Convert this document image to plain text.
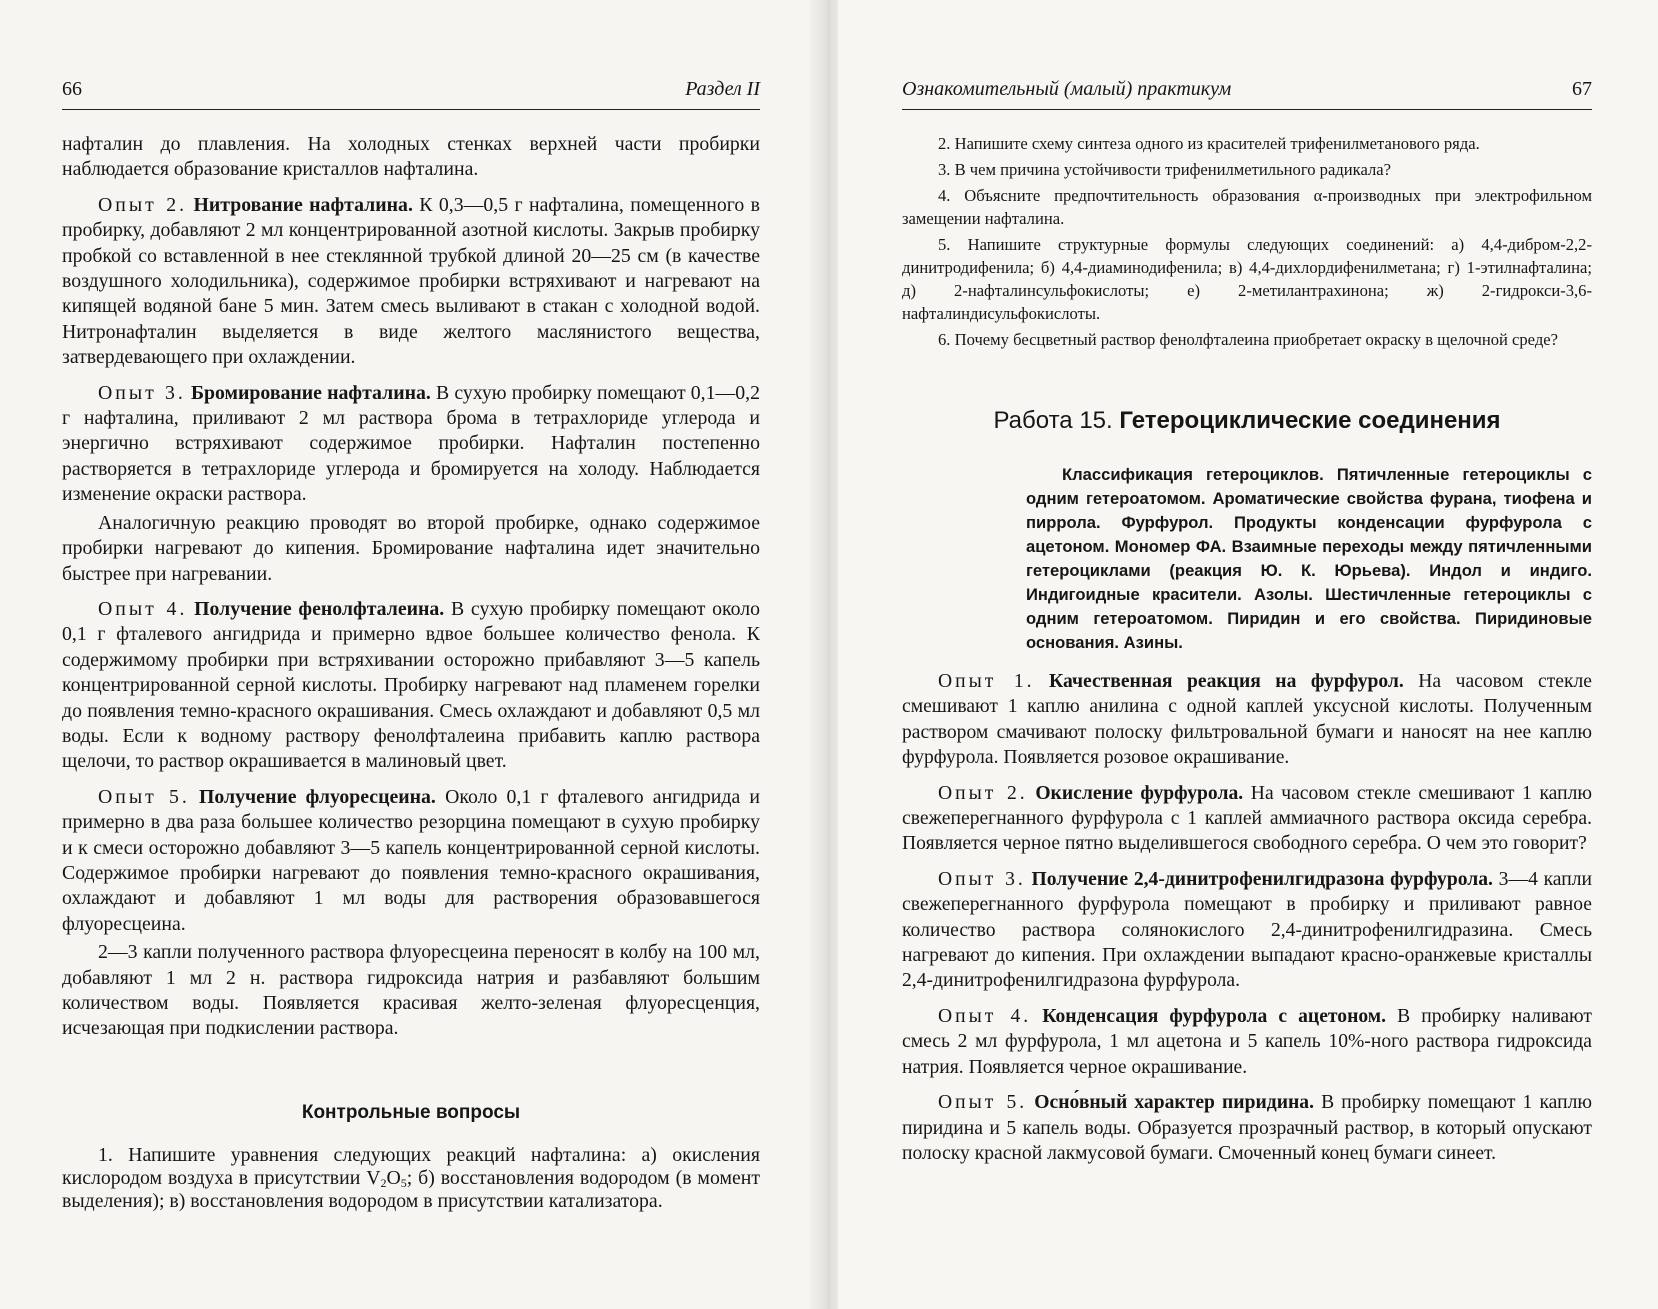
66	Раздел II

нафталин до плавления. На холодных стенках верхней части пробирки наблюдается образование кристаллов нафталина.

Опыт 2. Нитрование нафталина. К 0,3—0,5 г нафталина, помещенного в пробирку, добавляют 2 мл концентрированной азотной кислоты. Закрыв пробирку пробкой со вставленной в нее стеклянной трубкой длиной 20—25 см (в качестве воздушного холодильника), содержимое пробирки встряхивают и нагревают на кипящей водяной бане 5 мин. Затем смесь выливают в стакан с холодной водой. Нитронафталин выделяется в виде желтого маслянистого вещества, затвердевающего при охлаждении.

Опыт 3. Бромирование нафталина. В сухую пробирку помещают 0,1—0,2 г нафталина, приливают 2 мл раствора брома в тетрахлориде углерода и энергично встряхивают содержимое пробирки. Нафталин постепенно растворяется в тетрахлориде углерода и бромируется на холоду. Наблюдается изменение окраски раствора.

Аналогичную реакцию проводят во второй пробирке, однако содержимое пробирки нагревают до кипения. Бромирование нафталина идет значительно быстрее при нагревании.

Опыт 4. Получение фенолфталеина. В сухую пробирку помещают около 0,1 г фталевого ангидрида и примерно вдвое большее количество фенола. К содержимому пробирки при встряхивании осторожно прибавляют 3—5 капель концентрированной серной кислоты. Пробирку нагревают над пламенем горелки до появления темно-красного окрашивания. Смесь охлаждают и добавляют 0,5 мл воды. Если к водному раствору фенолфталеина прибавить каплю раствора щелочи, то раствор окрашивается в малиновый цвет.

Опыт 5. Получение флуоресцеина. Около 0,1 г фталевого ангидрида и примерно в два раза большее количество резорцина помещают в сухую пробирку и к смеси осторожно добавляют 3—5 капель концентрированной серной кислоты. Содержимое пробирки нагревают до появления темно-красного окрашивания, охлаждают и добавляют 1 мл воды для растворения образовавшегося флуоресцеина.

2—3 капли полученного раствора флуоресцеина переносят в колбу на 100 мл, добавляют 1 мл 2 н. раствора гидроксида натрия и разбавляют большим количеством воды. Появляется красивая желто-зеленая флуоресценция, исчезающая при подкислении раствора.

Контрольные вопросы

1. Напишите уравнения следующих реакций нафталина: а) окисления кислородом воздуха в присутствии $V_2O_5$; б) восстановления водородом (в момент выделения); в) восстановления водородом в присутствии катализатора.

Ознакомительный (малый) практикум	67

2. Напишите схему синтеза одного из красителей трифенилметанового ряда.

3. В чем причина устойчивости трифенилметильного радикала?

4. Объясните предпочтительность образования α-производных при электрофильном замещении нафталина.

5. Напишите структурные формулы следующих соединений: а) 4,4-дибром-2,2-динитродифенила; б) 4,4-диаминодифенила; в) 4,4-дихлордифенилметана; г) 1-этилнафталина; д) 2-нафталинсульфокислоты; е) 2-метилантрахинона; ж) 2-гидрокси-3,6-нафталиндисульфокислоты.

6. Почему бесцветный раствор фенолфталеина приобретает окраску в щелочной среде?

Работа 15. Гетероциклические соединения
Классификация гетероциклов. Пятичленные гетероциклы с одним гетероатомом. Ароматические свойства фурана, тиофена и пиррола. Фурфурол. Продукты конденсации фурфурола с ацетоном. Мономер ФА. Взаимные переходы между пятичленными гетероциклами (реакция Ю. К. Юрьева). Индол и индиго. Индигоидные красители. Азолы. Шестичленные гетероциклы с одним гетероатомом. Пиридин и его свойства. Пиридиновые основания. Азины.

Опыт 1. Качественная реакция на фурфурол. На часовом стекле смешивают 1 каплю анилина с одной каплей уксусной кислоты. Полученным раствором смачивают полоску фильтровальной бумаги и наносят на нее каплю фурфурола. Появляется розовое окрашивание.

Опыт 2. Окисление фурфурола. На часовом стекле смешивают 1 каплю свежеперегнанного фурфурола с 1 каплей аммиачного раствора оксида серебра. Появляется черное пятно выделившегося свободного серебра. О чем это говорит?

Опыт 3. Получение 2,4-динитрофенилгидразона фурфурола. 3—4 капли свежеперегнанного фурфурола помещают в пробирку и приливают равное количество раствора солянокислого 2,4-динитрофенилгидразина. Смесь нагревают до кипения. При охлаждении выпадают красно-оранжевые кристаллы 2,4-динитрофенилгидразона фурфурола.

Опыт 4. Конденсация фурфурола с ацетоном. В пробирку наливают смесь 2 мл фурфурола, 1 мл ацетона и 5 капель 10%-ного раствора гидроксида натрия. Появляется черное окрашивание.

Опыт 5. Осно́вный характер пиридина. В пробирку помещают 1 каплю пиридина и 5 капель воды. Образуется прозрачный раствор, в который опускают полоску красной лакмусовой бумаги. Смоченный конец бумаги синеет.
